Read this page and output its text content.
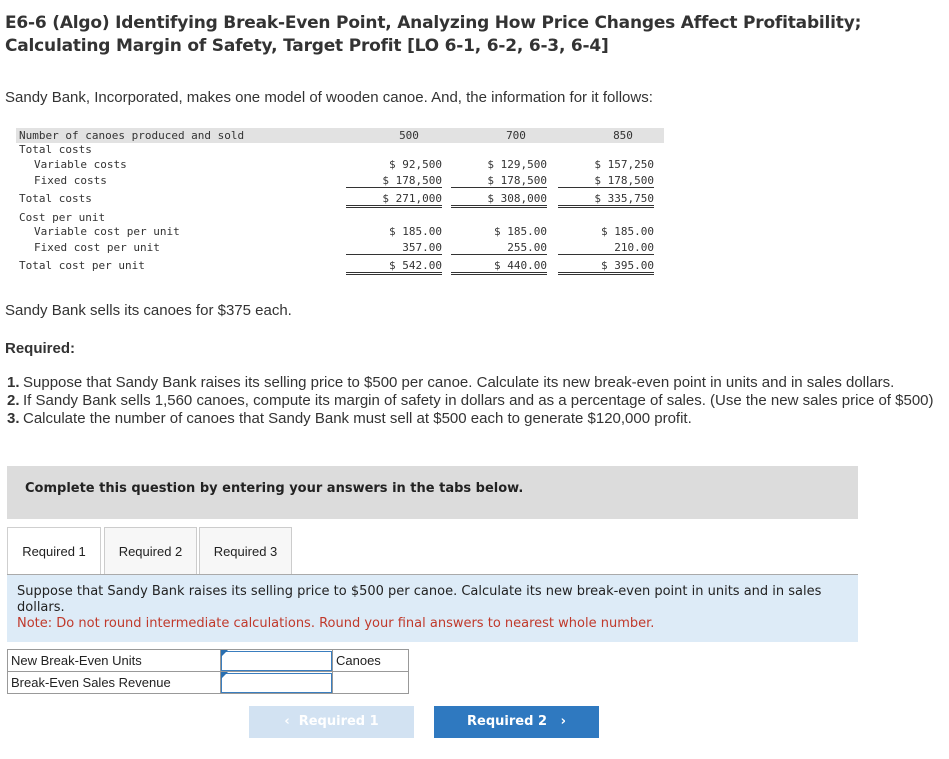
E6-6 (Algo) Identifying Break-Even Point, Analyzing How Price Changes Affect Profitability; Calculating Margin of Safety, Target Profit [LO 6-1, 6-2, 6-3, 6-4]
Sandy Bank, Incorporated, makes one model of wooden canoe. And, the information for it follows:
Number of canoes produced and sold	500	700	850
Total costs
Variable costs	$ 92,500	$ 129,500	$ 157,250
Fixed costs	$ 178,500	$ 178,500	$ 178,500
Total costs	$ 271,000	$ 308,000	$ 335,750
Cost per unit
Variable cost per unit	$ 185.00	$ 185.00	$ 185.00
Fixed cost per unit	357.00	255.00	210.00
Total cost per unit	$ 542.00	$ 440.00	$ 395.00
Sandy Bank sells its canoes for $375 each.
Required:
1. Suppose that Sandy Bank raises its selling price to $500 per canoe. Calculate its new break-even point in units and in sales dollars.
2. If Sandy Bank sells 1,560 canoes, compute its margin of safety in dollars and as a percentage of sales. (Use the new sales price of $500)
3. Calculate the number of canoes that Sandy Bank must sell at $500 each to generate $120,000 profit.
Complete this question by entering your answers in the tabs below.
Required 1	Required 2	Required 3
Suppose that Sandy Bank raises its selling price to $500 per canoe. Calculate its new break-even point in units and in sales dollars.
Note: Do not round intermediate calculations. Round your final answers to nearest whole number.
New Break-Even Units		Canoes
Break-Even Sales Revenue	

‹ Required 1	Required 2 ›
